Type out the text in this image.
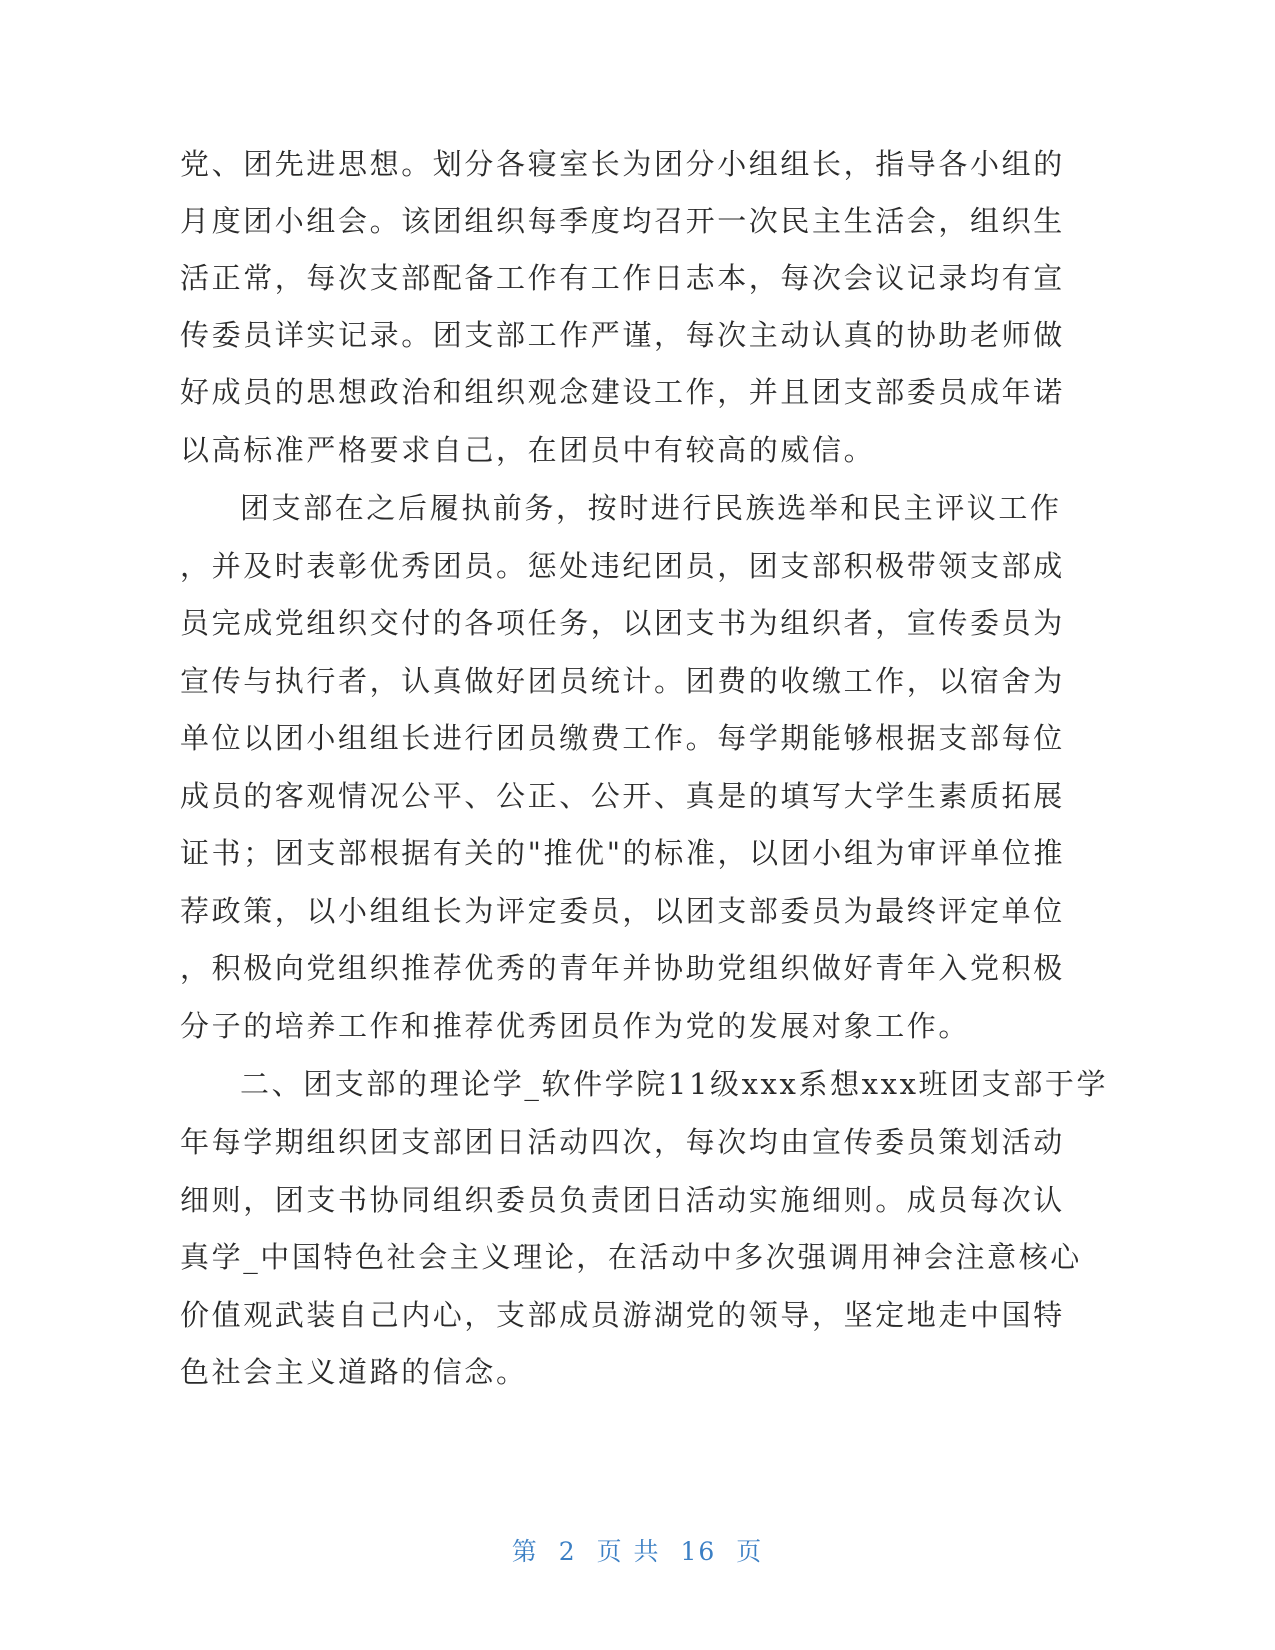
党、团先进思想。划分各寝室长为团分小组组长，指导各小组的
月度团小组会。该团组织每季度均召开一次民主生活会，组织生
活正常，每次支部配备工作有工作日志本，每次会议记录均有宣
传委员详实记录。团支部工作严谨，每次主动认真的协助老师做
好成员的思想政治和组织观念建设工作，并且团支部委员成年诺
以高标准严格要求自己，在团员中有较高的威信。
团支部在之后履执前务，按时进行民族选举和民主评议工作
，并及时表彰优秀团员。惩处违纪团员，团支部积极带领支部成
员完成党组织交付的各项任务，以团支书为组织者，宣传委员为
宣传与执行者，认真做好团员统计。团费的收缴工作，以宿舍为
单位以团小组组长进行团员缴费工作。每学期能够根据支部每位
成员的客观情况公平、公正、公开、真是的填写大学生素质拓展
证书；团支部根据有关的"推优"的标准，以团小组为审评单位推
荐政策，以小组组长为评定委员，以团支部委员为最终评定单位
，积极向党组织推荐优秀的青年并协助党组织做好青年入党积极
分子的培养工作和推荐优秀团员作为党的发展对象工作。
二、团支部的理论学_软件学院11级xxx系想xxx班团支部于学
年每学期组织团支部团日活动四次，每次均由宣传委员策划活动
细则，团支书协同组织委员负责团日活动实施细则。成员每次认
真学_中国特色社会主义理论，在活动中多次强调用神会注意核心
价值观武装自己内心，支部成员游湖党的领导，坚定地走中国特
色社会主义道路的信念。
第 2 页 共 16 页
